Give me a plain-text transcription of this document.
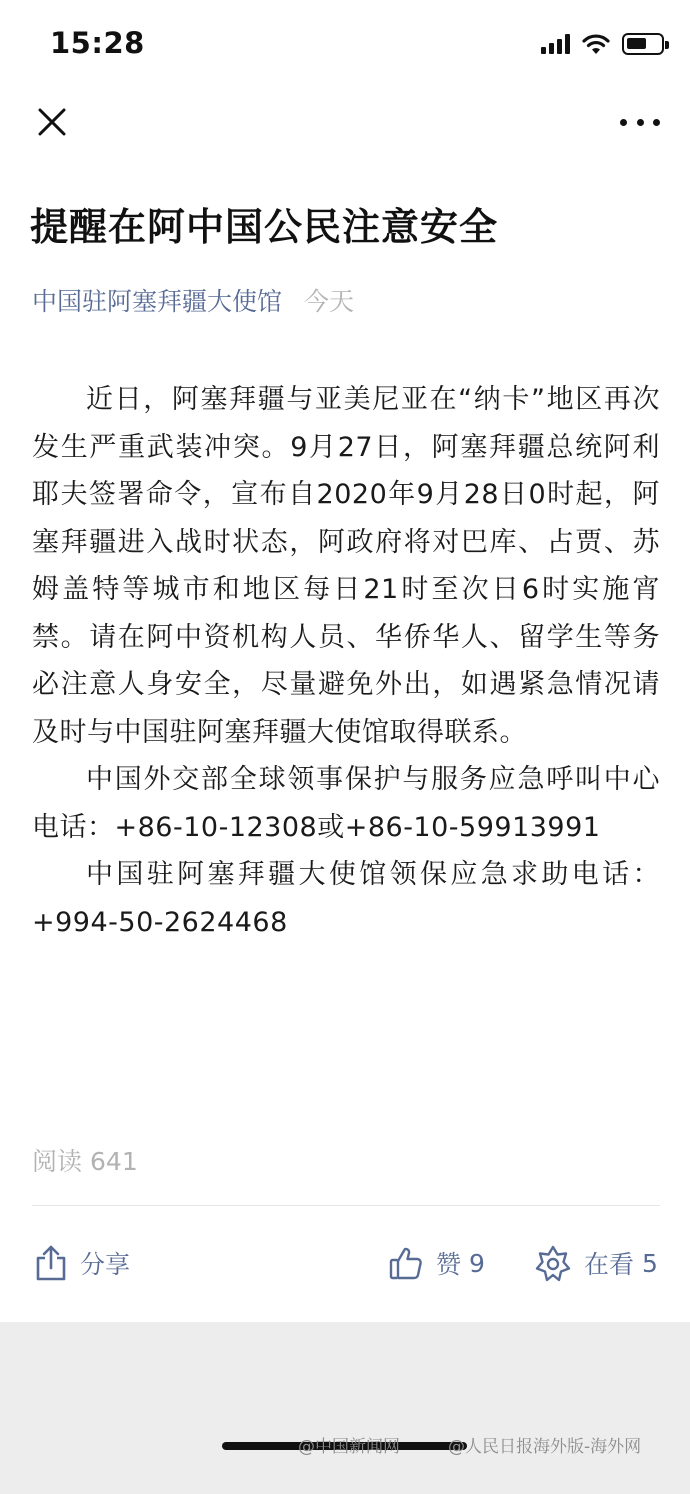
15:28
提醒在阿中国公民注意安全
中国驻阿塞拜疆大使馆 今天

近日，阿塞拜疆与亚美尼亚在“纳卡”地区再次发生严重武装冲突。9月27日，阿塞拜疆总统阿利耶夫签署命令，宣布自2020年9月28日0时起，阿塞拜疆进入战时状态，阿政府将对巴库、占贾、苏姆盖特等城市和地区每日21时至次日6时实施宵禁。请在阿中资机构人员、华侨华人、留学生等务必注意人身安全，尽量避免外出，如遇紧急情况请及时与中国驻阿塞拜疆大使馆取得联系。

中国外交部全球领事保护与服务应急呼叫中心电话：+86-10-12308或+86-10-59913991

中国驻阿塞拜疆大使馆领保应急求助电话：+994-50-2624468

阅读 641
分享	赞 9	在看 5
@中国新闻网	@人民日报海外版-海外网
